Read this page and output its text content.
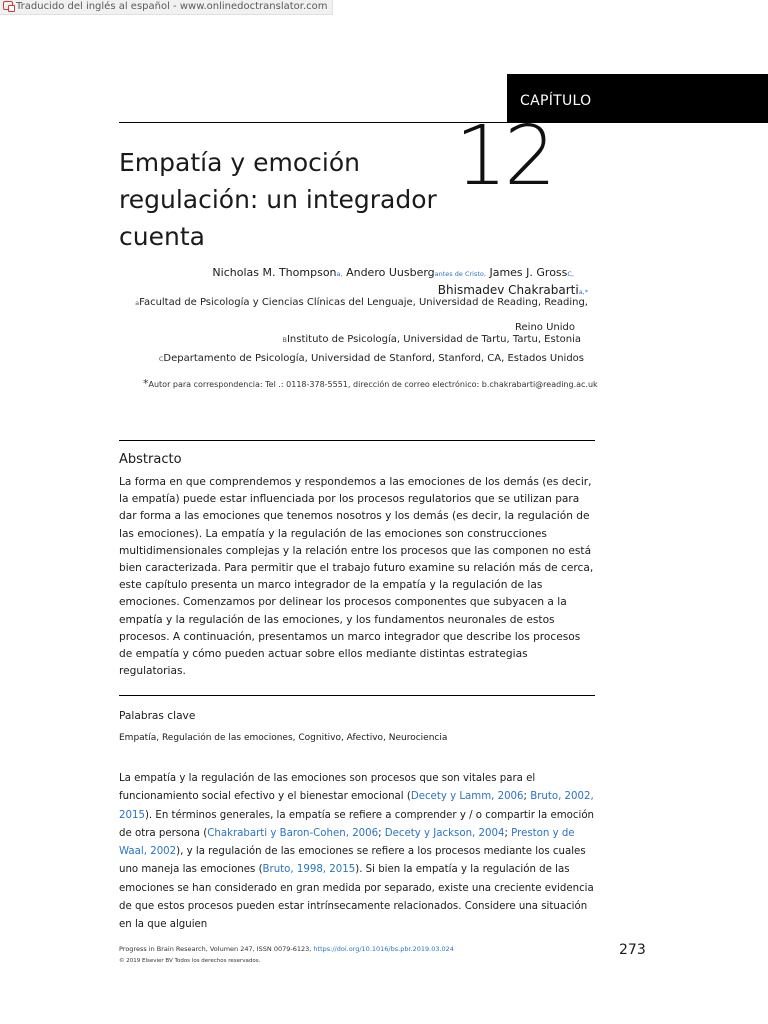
Traducido del inglés al español - www.onlinedoctranslator.com
CAPÍTULO
Empatía y emoción
regulación: un integrador
cuenta
12
Nicholas M. Thompsona, Andero Uusbergantes de Cristo, James J. GrossC,
Bhismadev Chakrabartia,*
aFacultad de Psicología y Ciencias Clínicas del Lenguaje, Universidad de Reading, Reading,
Reino Unido
BInstituto de Psicología, Universidad de Tartu, Tartu, Estonia
CDepartamento de Psicología, Universidad de Stanford, Stanford, CA, Estados Unidos
*Autor para correspondencia: Tel .: 0118-378-5551, dirección de correo electrónico: b.chakrabarti@reading.ac.uk
Abstracto
La forma en que comprendemos y respondemos a las emociones de los demás (es decir, la empatía) puede estar influenciada por los procesos regulatorios que se utilizan para dar forma a las emociones que tenemos nosotros y los demás (es decir, la regulación de las emociones). La empatía y la regulación de las emociones son construcciones multidimensionales complejas y la relación entre los procesos que las componen no está bien caracterizada. Para permitir que el trabajo futuro examine su relación más de cerca, este capítulo presenta un marco integrador de la empatía y la regulación de las emociones. Comenzamos por delinear los procesos componentes que subyacen a la empatía y la regulación de las emociones, y los fundamentos neuronales de estos procesos. A continuación, presentamos un marco integrador que describe los procesos de empatía y cómo pueden actuar sobre ellos mediante distintas estrategias regulatorias.
Palabras clave
Empatía, Regulación de las emociones, Cognitivo, Afectivo, Neurociencia
La empatía y la regulación de las emociones son procesos que son vitales para el funcionamiento social efectivo y el bienestar emocional (Decety y Lamm, 2006; Bruto, 2002, 2015). En términos generales, la empatía se refiere a comprender y / o compartir la emoción de otra persona (Chakrabarti y Baron-Cohen, 2006; Decety y Jackson, 2004; Preston y de Waal, 2002), y la regulación de las emociones se refiere a los procesos mediante los cuales uno maneja las emociones (Bruto, 1998, 2015). Si bien la empatía y la regulación de las emociones se han considerado en gran medida por separado, existe una creciente evidencia de que estos procesos pueden estar intrínsecamente relacionados. Considere una situación en la que alguien
Progress in Brain Research, Volumen 247, ISSN 0079-6123, https://doi.org/10.1016/bs.pbr.2019.03.024
© 2019 Elsevier BV Todos los derechos reservados.
273
